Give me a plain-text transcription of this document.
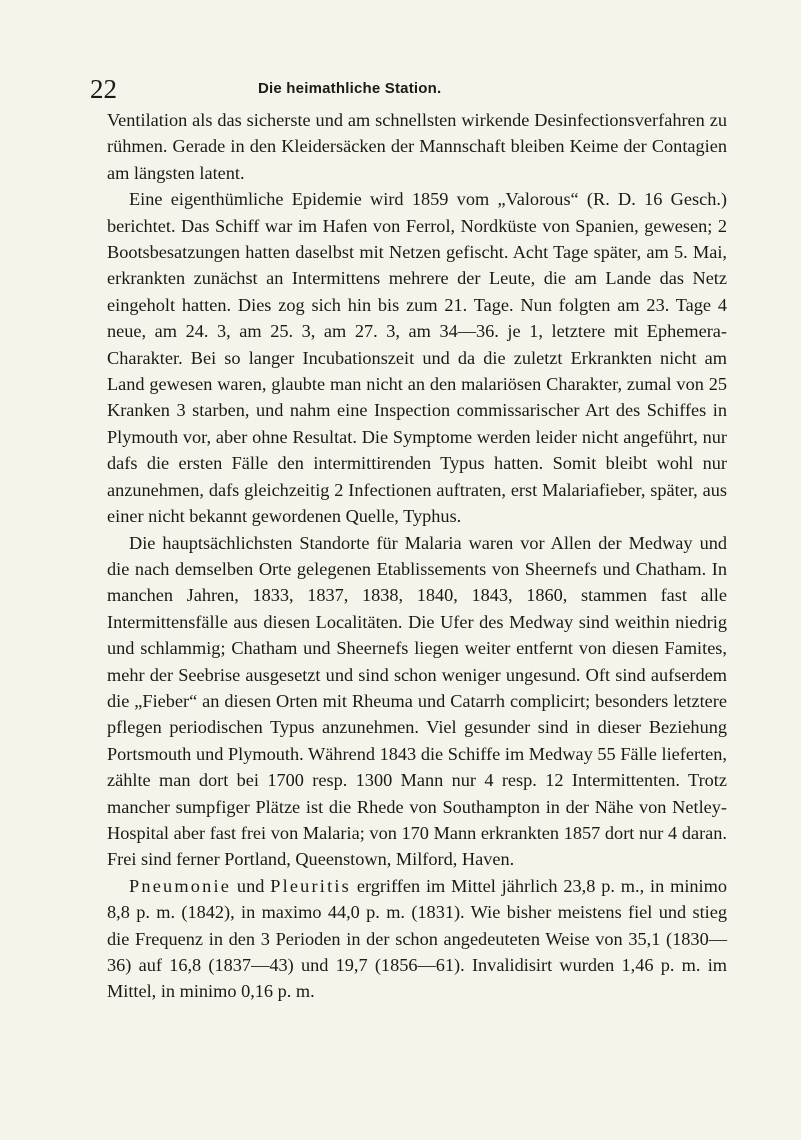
22	Die heimathliche Station.

Ventilation als das sicherste und am schnellsten wirkende Desinfectionsverfahren zu rühmen. Gerade in den Kleidersäcken der Mannschaft bleiben Keime der Contagien am längsten latent.

Eine eigenthümliche Epidemie wird 1859 vom „Valorous“ (R. D. 16 Gesch.) berichtet. Das Schiff war im Hafen von Ferrol, Nordküste von Spanien, gewesen; 2 Bootsbesatzungen hatten daselbst mit Netzen gefischt. Acht Tage später, am 5. Mai, erkrankten zunächst an Intermittens mehrere der Leute, die am Lande das Netz eingeholt hatten. Dies zog sich hin bis zum 21. Tage. Nun folgten am 23. Tage 4 neue, am 24. 3, am 25. 3, am 27. 3, am 34—36. je 1, letztere mit Ephemera-Charakter. Bei so langer Incubationszeit und da die zuletzt Erkrankten nicht am Land gewesen waren, glaubte man nicht an den malariösen Charakter, zumal von 25 Kranken 3 starben, und nahm eine Inspection commissarischer Art des Schiffes in Plymouth vor, aber ohne Resultat. Die Symptome werden leider nicht angeführt, nur dafs die ersten Fälle den intermittirenden Typus hatten. Somit bleibt wohl nur anzunehmen, dafs gleichzeitig 2 Infectionen auftraten, erst Malariafieber, später, aus einer nicht bekannt gewordenen Quelle, Typhus.

Die hauptsächlichsten Standorte für Malaria waren vor Allen der Medway und die nach demselben Orte gelegenen Etablissements von Sheernefs und Chatham. In manchen Jahren, 1833, 1837, 1838, 1840, 1843, 1860, stammen fast alle Intermittensfälle aus diesen Localitäten. Die Ufer des Medway sind weithin niedrig und schlammig; Chatham und Sheernefs liegen weiter entfernt von diesen Famites, mehr der Seebrise ausgesetzt und sind schon weniger ungesund. Oft sind aufserdem die „Fieber“ an diesen Orten mit Rheuma und Catarrh complicirt; besonders letztere pflegen periodischen Typus anzunehmen. Viel gesunder sind in dieser Beziehung Portsmouth und Plymouth. Während 1843 die Schiffe im Medway 55 Fälle lieferten, zählte man dort bei 1700 resp. 1300 Mann nur 4 resp. 12 Intermittenten. Trotz mancher sumpfiger Plätze ist die Rhede von Southampton in der Nähe von Netley-Hospital aber fast frei von Malaria; von 170 Mann erkrankten 1857 dort nur 4 daran. Frei sind ferner Portland, Queenstown, Milford, Haven.

Pneumonie und Pleuritis ergriffen im Mittel jährlich 23,8 p. m., in minimo 8,8 p. m. (1842), in maximo 44,0 p. m. (1831). Wie bisher meistens fiel und stieg die Frequenz in den 3 Perioden in der schon angedeuteten Weise von 35,1 (1830—36) auf 16,8 (1837—43) und 19,7 (1856—61). Invalidisirt wurden 1,46 p. m. im Mittel, in minimo 0,16 p. m.
